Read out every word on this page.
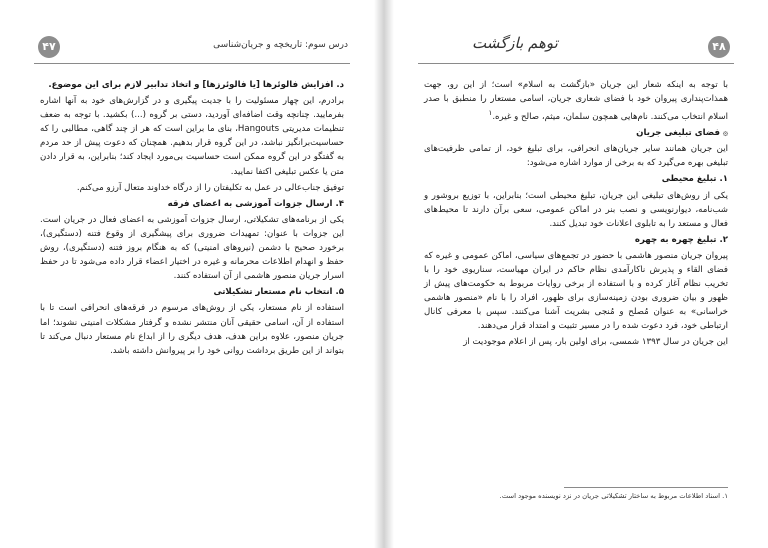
۴۷	درس سوم: تاریخچه و جریان‌شناسی

د. افزایش فالوئرها [یا فالوئرزها] و اتخاذ تدابیر لازم برای این موضوع.

برادرم، این چهار مسئولیت را با جدیت پیگیری و در گزارش‌های خود به آنها اشاره بفرمایید. چنانچه وقت اضافه‌ای آوردید، دستی بر گروه (...) بکشید. با توجه به ضعف تنظیمات مدیریتی Hangouts، بنای ما براین است که هر از چند گاهی، مطالبی را که حساسیت‌برانگیز نباشد، در این گروه قرار بدهیم. همچنان که دعوت پیش از حد مردم به گفتگو در این گروه ممکن است حساسیت بی‌مورد ایجاد کند؛ بنابراین، به قرار دادن متن یا عکس تبلیغی اکتفا نمایید.

توفیق جناب‌عالی در عمل به تکلیفتان را از درگاه خداوند متعال آرزو می‌کنم.

۴. ارسال جزوات آموزشی به اعضای فرقه

یکی از برنامه‌های تشکیلاتی، ارسال جزوات آموزشی به اعضای فعال در جریان است. این جزوات با عنوان: تمهیدات ضروری برای پیشگیری از وقوع فتنه (دستگیری)، برخورد صحیح با دشمن (نیروهای امنیتی) که به هنگام بروز فتنه (دستگیری)، روش حفظ و انهدام اطلاعات محرمانه و غیره در اختیار اعضاء قرار داده می‌شود تا در حفظ اسرار جریان منصور هاشمی از آن استفاده کنند.

۵. انتخاب نام مستعار تشکیلاتی

استفاده از نام مستعار، یکی از روش‌های مرسوم در فرقه‌های انحرافی است تا با استفاده از آن، اسامی حقیقی آنان منتشر نشده و گرفتار مشکلات امنیتی نشوند؛ اما جریان منصور، علاوه براین هدف، هدف دیگری را از ابداع نام مستعار دنبال می‌کند تا بتواند از این طریق برداشت روانی خود را بر پیروانش داشته باشد.

۴۸
توهم بازگشت

با توجه به اینکه شعار این جریان «بازگشت به اسلام» است؛ از این رو، جهت همذات‌پنداری پیروان خود با فضای شعاری جریان، اسامی مستعار را منطبق با صدر اسلام انتخاب می‌کنند. نام‌هایی همچون سلمان، میثم، صالح و غیره.$^۱$

۞ فضای تبلیغی جریان

این جریان همانند سایر جریان‌های انحرافی، برای تبلیغ خود، از تمامی ظرفیت‌های تبلیغی بهره می‌گیرد که به برخی از موارد اشاره می‌شود:

۱. تبلیغ محیطی

یکی از روش‌های تبلیغی این جریان، تبلیغ محیطی است؛ بنابراین، با توزیع بروشور و شب‌نامه، دیوارنویسی و نصب بنر در اماکن عمومی، سعی برآن دارند تا محیط‌های فعال و مستعد را به تابلوی اعلانات خود تبدیل کنند.

۲. تبلیغ چهره به چهره

پیروان جریان منصور هاشمی با حضور در تجمع‌های سیاسی، اماکن عمومی و غیره که فضای القاء و پذیرش ناکارآمدی نظام حاکم در ایران مهیاست، سناریوی خود را با تخریب نظام آغاز کرده و با استفاده از برخی روایات مربوط به حکومت‌های پیش از ظهور و بیان ضروری بودن زمینه‌سازی برای ظهور، افراد را با نام «منصور هاشمی خراسانی» به عنوان مُصلح و مُنجی بشریت آشنا می‌کنند. سپس با معرفی کانال ارتباطی خود، فرد دعوت شده را در مسیر تثبیت و امتداد قرار می‌دهند.

این جریان در سال ۱۳۹۳ شمسی، برای اولین بار، پس از اعلام موجودیت از

۱. اسناد اطلاعات مربوط به ساختار تشکیلاتی جریان در نزد نویسنده موجود است.
